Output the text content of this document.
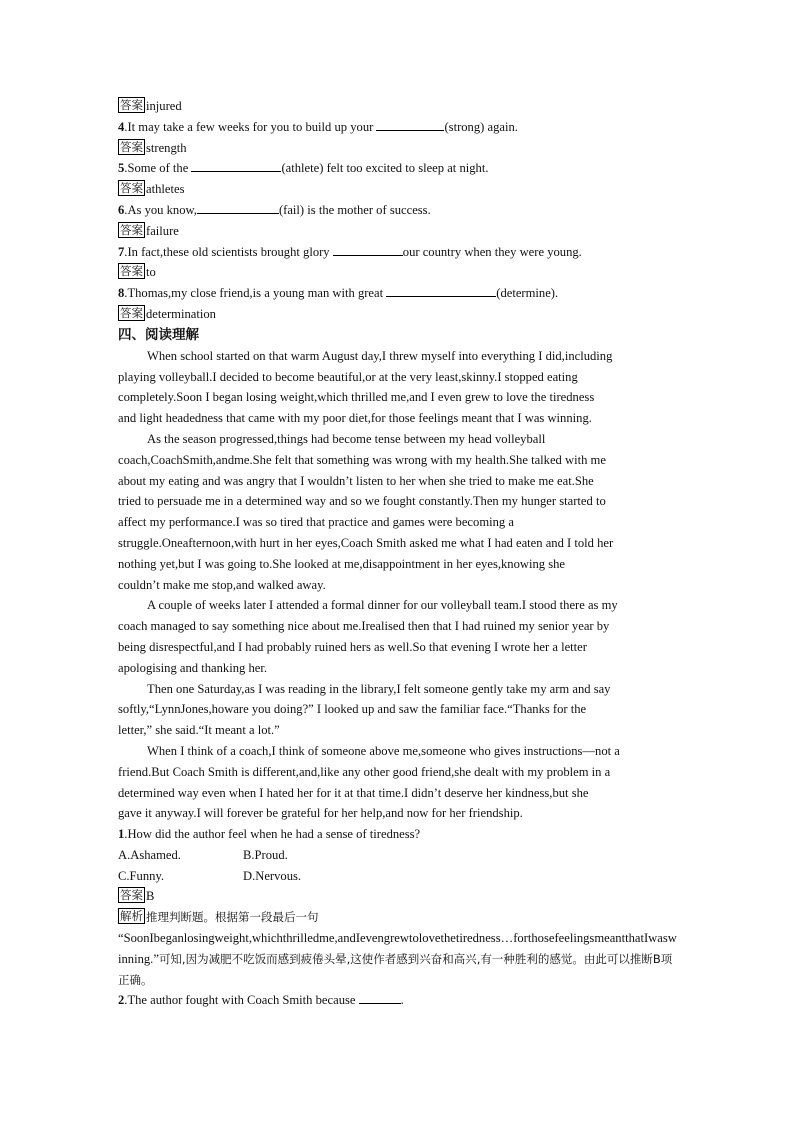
答案 injured
4.It may take a few weeks for you to build up your	(strong) again.
答案 strength
5.Some of the	(athlete) felt too excited to sleep at night.
答案 athletes
6.As you know,	(fail) is the mother of success.
答案 failure
7.In fact,these old scientists brought glory	our country when they were young.
答案 to
8.Thomas,my close friend,is a young man with great	(determine).
答案 determination
四、阅读理解
When school started on that warm August day,I threw myself into everything I did,including
playing volleyball.I decided to become beautiful,or at the very least,skinny.I stopped eating
completely.Soon I began losing weight,which thrilled me,and I even grew to love the tiredness
and light headedness that came with my poor diet,for those feelings meant that I was winning.
As the season progressed,things had become tense between my head volleyball
coach,CoachSmith,andme.She felt that something was wrong with my health.She talked with me
about my eating and was angry that I wouldn’t listen to her when she tried to make me eat.She
tried to persuade me in a determined way and so we fought constantly.Then my hunger started to
affect my performance.I was so tired that practice and games were becoming a
struggle.Oneafternoon,with hurt in her eyes,Coach Smith asked me what I had eaten and I told her
nothing yet,but I was going to.She looked at me,disappointment in her eyes,knowing she
couldn’t make me stop,and walked away.
A couple of weeks later I attended a formal dinner for our volleyball team.I stood there as my
coach managed to say something nice about me.Irealised then that I had ruined my senior year by
being disrespectful,and I had probably ruined hers as well.So that evening I wrote her a letter
apologising and thanking her.
Then one Saturday,as I was reading in the library,I felt someone gently take my arm and say
softly,“LynnJones,howare you doing?” I looked up and saw the familiar face.“Thanks for the
letter,” she said.“It meant a lot.”
When I think of a coach,I think of someone above me,someone who gives instructions—not a
friend.But Coach Smith is different,and,like any other good friend,she dealt with my problem in a
determined way even when I hated her for it at that time.I didn’t deserve her kindness,but she
gave it anyway.I will forever be grateful for her help,and now for her friendship.
1.How did the author feel when he had a sense of tiredness?
A.Ashamed.	B.Proud.
C.Funny.	D.Nervous.
答案 B
解析 推理判断题。根据第一段最后一句
“SoonIbeganlosingweight,whichthrilledme,andIevengrewtolovethetiredness…forthosefeelingsmeantthatIwaswinning.”可知,因为减肥不吃饭而感到疲倦头晕,这使作者感到兴奋和高兴,有一种胜利的感觉。由此可以推断B项正确。
2.The author fought with Coach Smith because	.
